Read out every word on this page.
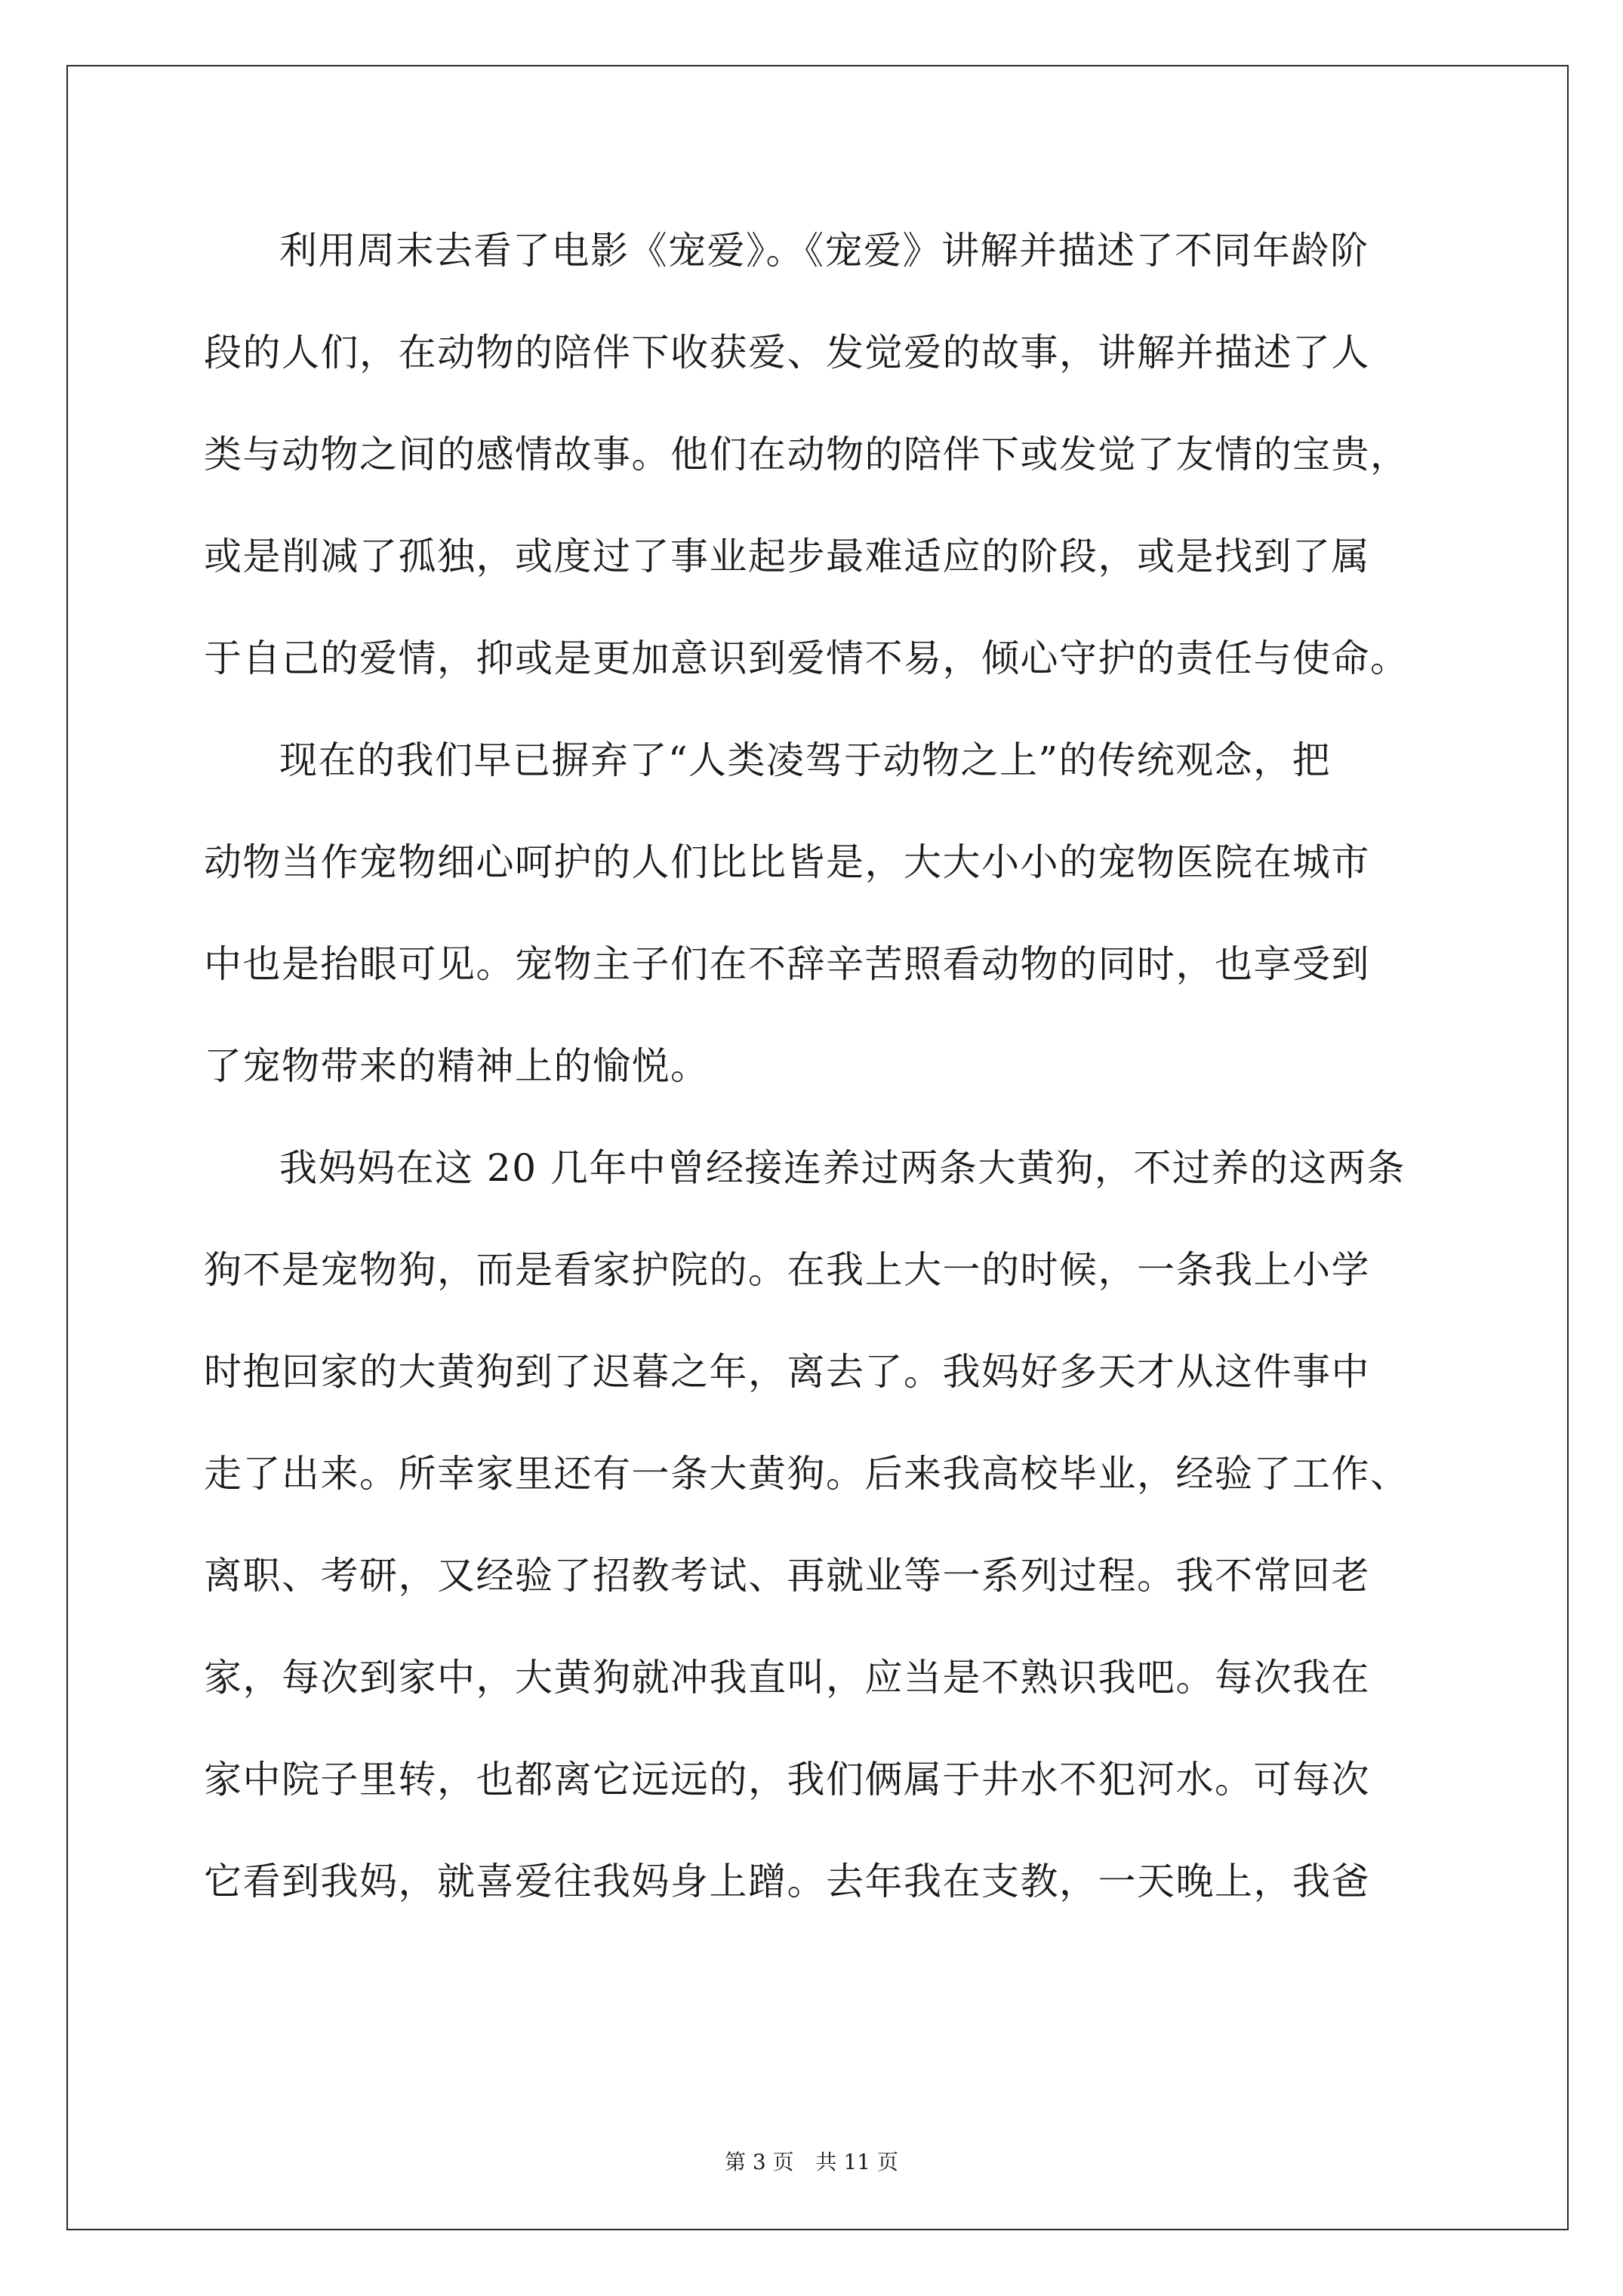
利用周末去看了电影《宠爱》。《宠爱》讲解并描述了不同年龄阶
段的人们，在动物的陪伴下收获爱、发觉爱的故事，讲解并描述了人
类与动物之间的感情故事。他们在动物的陪伴下或发觉了友情的宝贵，
或是削减了孤独，或度过了事业起步最难适应的阶段，或是找到了属
于自己的爱情，抑或是更加意识到爱情不易，倾心守护的责任与使命。
现在的我们早已摒弃了“人类凌驾于动物之上”的传统观念，把
动物当作宠物细心呵护的人们比比皆是，大大小小的宠物医院在城市
中也是抬眼可见。宠物主子们在不辞辛苦照看动物的同时，也享受到
了宠物带来的精神上的愉悦。
我妈妈在这 20 几年中曾经接连养过两条大黄狗，不过养的这两条
狗不是宠物狗，而是看家护院的。在我上大一的时候，一条我上小学
时抱回家的大黄狗到了迟暮之年，离去了。我妈好多天才从这件事中
走了出来。所幸家里还有一条大黄狗。后来我高校毕业，经验了工作、
离职、考研，又经验了招教考试、再就业等一系列过程。我不常回老
家，每次到家中，大黄狗就冲我直叫，应当是不熟识我吧。每次我在
家中院子里转，也都离它远远的，我们俩属于井水不犯河水。可每次
它看到我妈，就喜爱往我妈身上蹭。去年我在支教，一天晚上，我爸
第 3 页 共 11 页
